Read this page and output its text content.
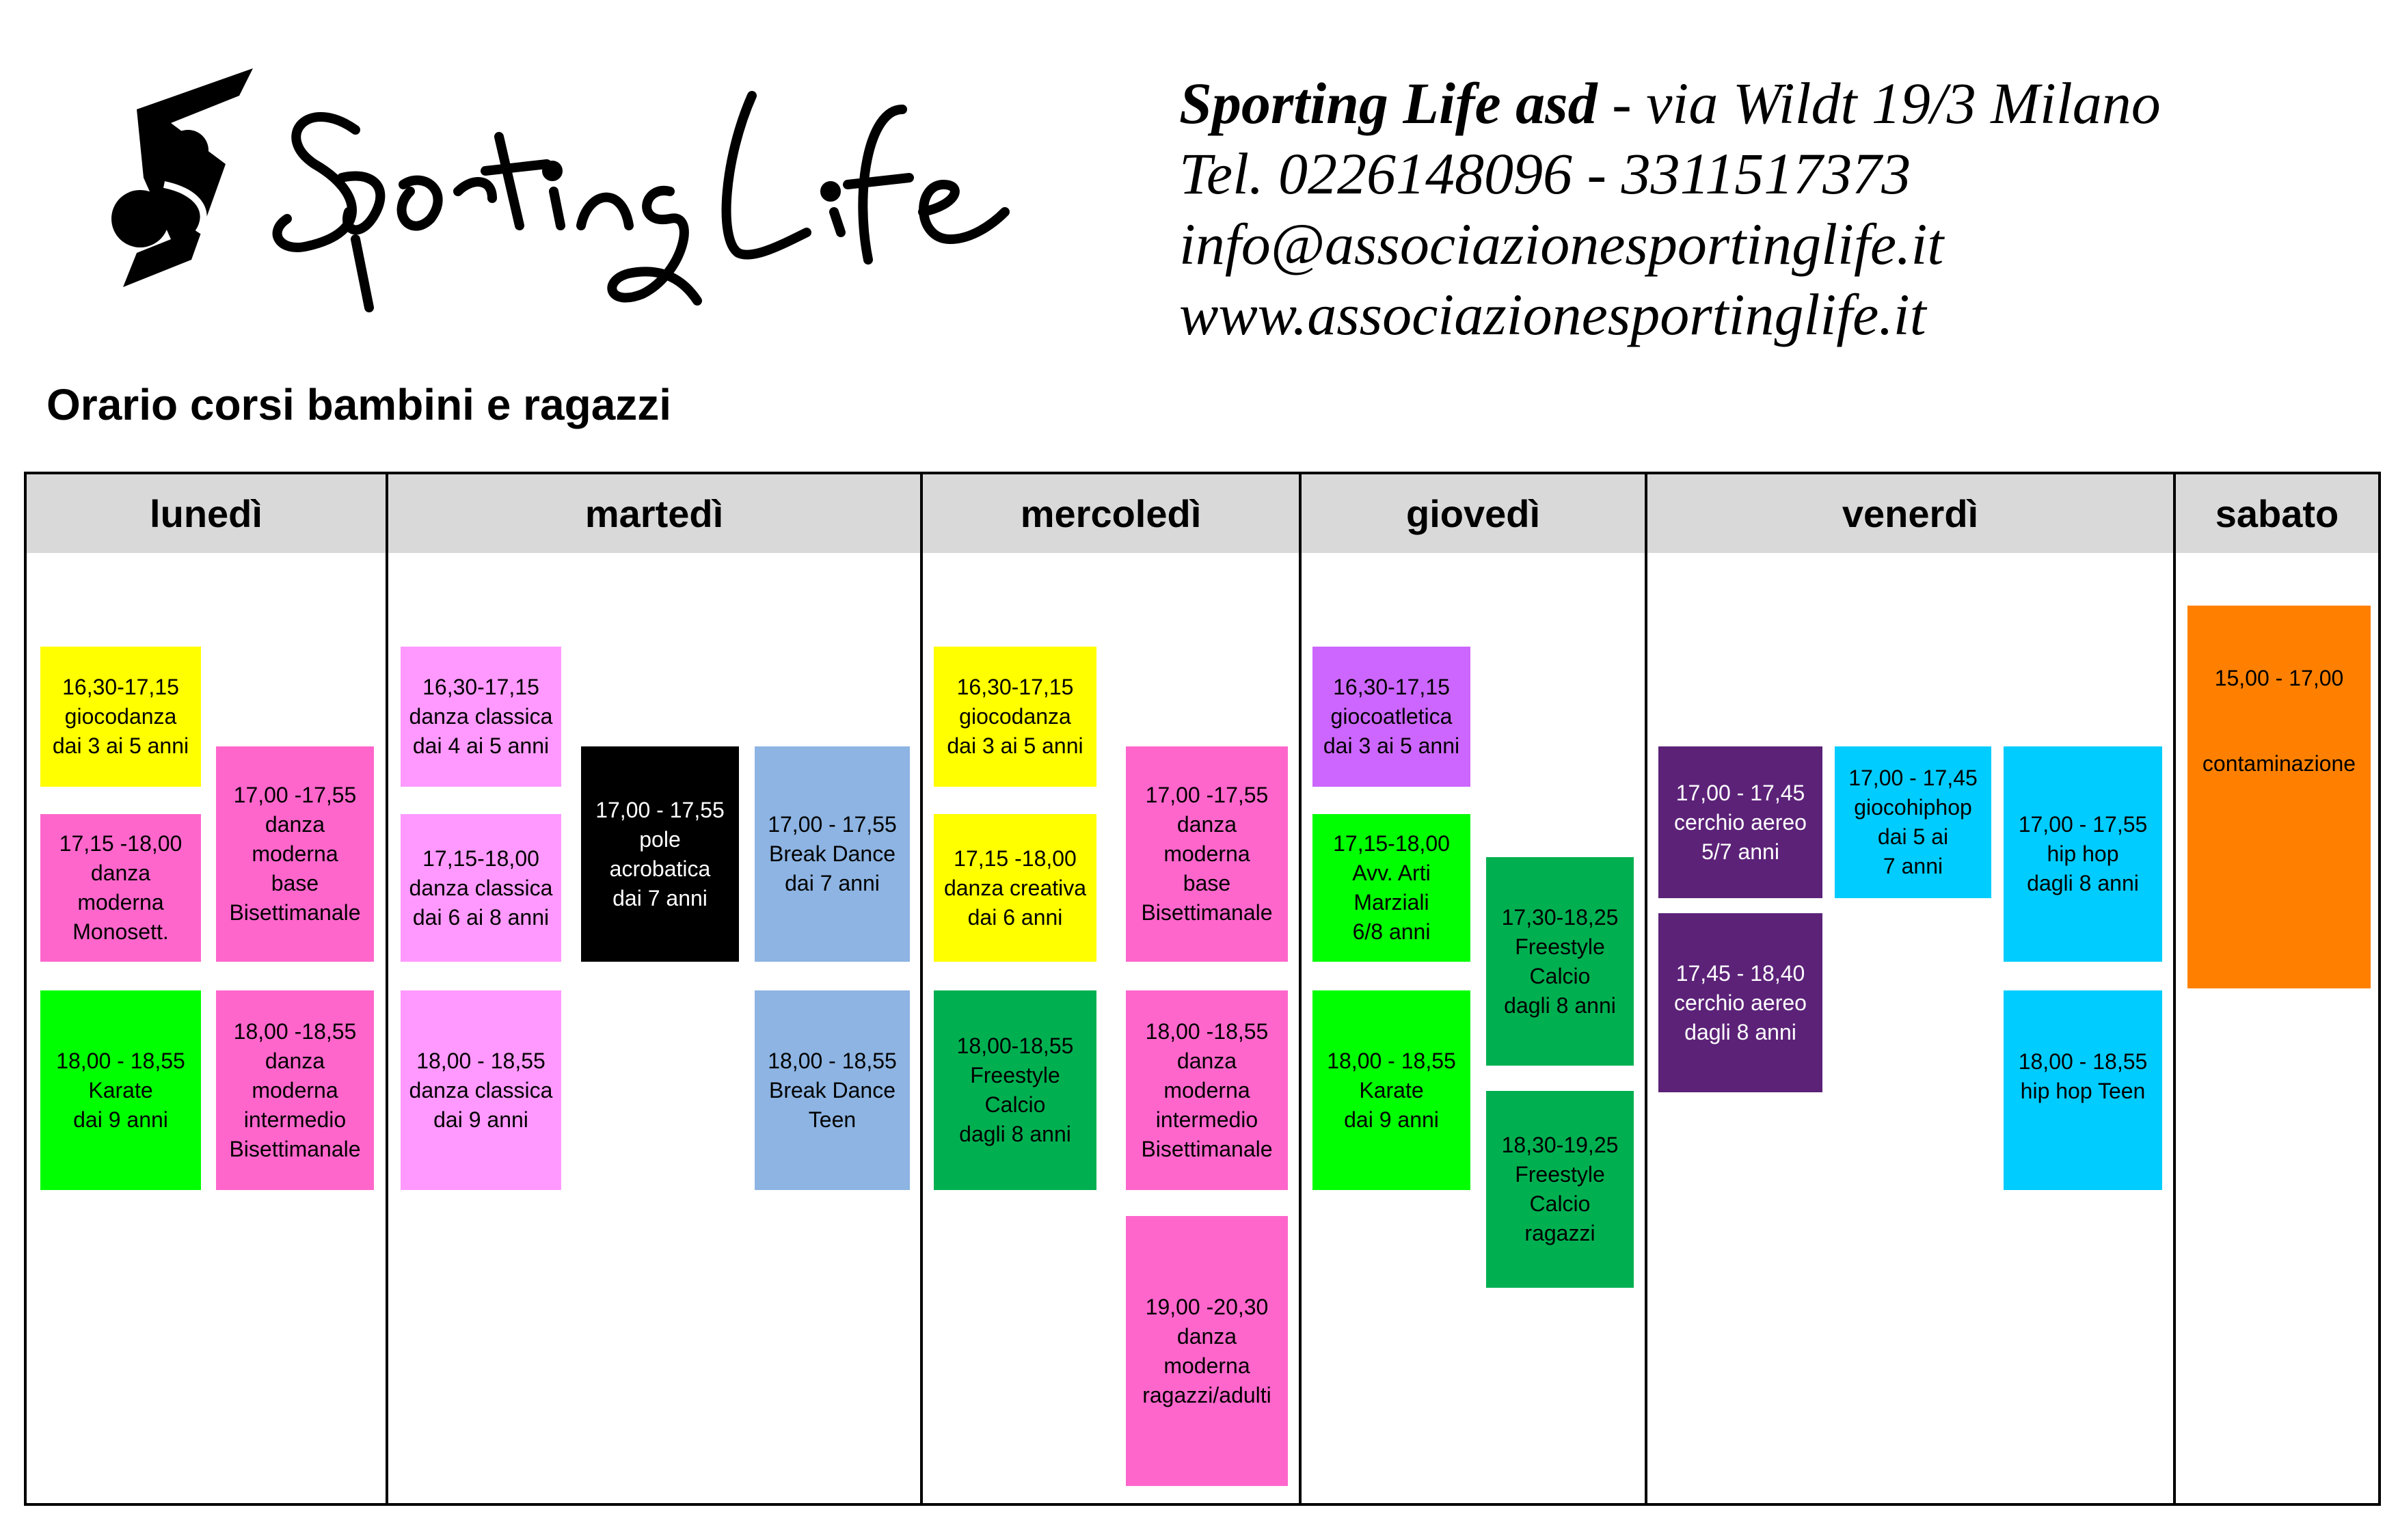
Sporting Life asd - via Wildt 19/3 Milano
Tel. 0226148096 - 3311517373
info@associazionesportinglife.it
www.associazionesportinglife.it
Orario corsi bambini e ragazzi
lunedì
16,30-17,15
giocodanza
dai 3 ai 5 anni
17,15 -18,00
danza
moderna
Monosett.
18,00 - 18,55
Karate
dai 9 anni
17,00 -17,55
danza
moderna
base
Bisettimanale
18,00 -18,55
danza
moderna
intermedio
Bisettimanale
martedì
16,30-17,15
danza classica
dai 4 ai 5 anni
17,15-18,00
danza classica
dai 6 ai 8 anni
18,00 - 18,55
danza classica
dai 9 anni
17,00 - 17,55
pole
acrobatica
dai 7 anni
17,00 - 17,55
Break Dance
dai 7 anni
18,00 - 18,55
Break Dance
Teen
mercoledì
16,30-17,15
giocodanza
dai 3 ai 5 anni
17,15 -18,00
danza creativa
dai 6 anni
18,00-18,55
Freestyle
Calcio
dagli 8 anni
17,00 -17,55
danza
moderna
base
Bisettimanale
18,00 -18,55
danza
moderna
intermedio
Bisettimanale
19,00 -20,30
danza
moderna
ragazzi/adulti
giovedì
16,30-17,15
giocoatletica
dai 3 ai 5 anni
17,15-18,00
Avv. Arti
Marziali
6/8 anni
18,00 - 18,55
Karate
dai 9 anni
17,30-18,25
Freestyle
Calcio
dagli 8 anni
18,30-19,25
Freestyle
Calcio
ragazzi
venerdì
17,00 - 17,45
cerchio aereo
5/7 anni
17,45 - 18,40
cerchio aereo
dagli 8 anni
17,00 - 17,45
giocohiphop
dai 5 ai
7 anni
17,00 - 17,55
hip hop
dagli 8 anni
18,00 - 18,55
hip hop Teen
sabato
15,00 - 17,00
contaminazione
